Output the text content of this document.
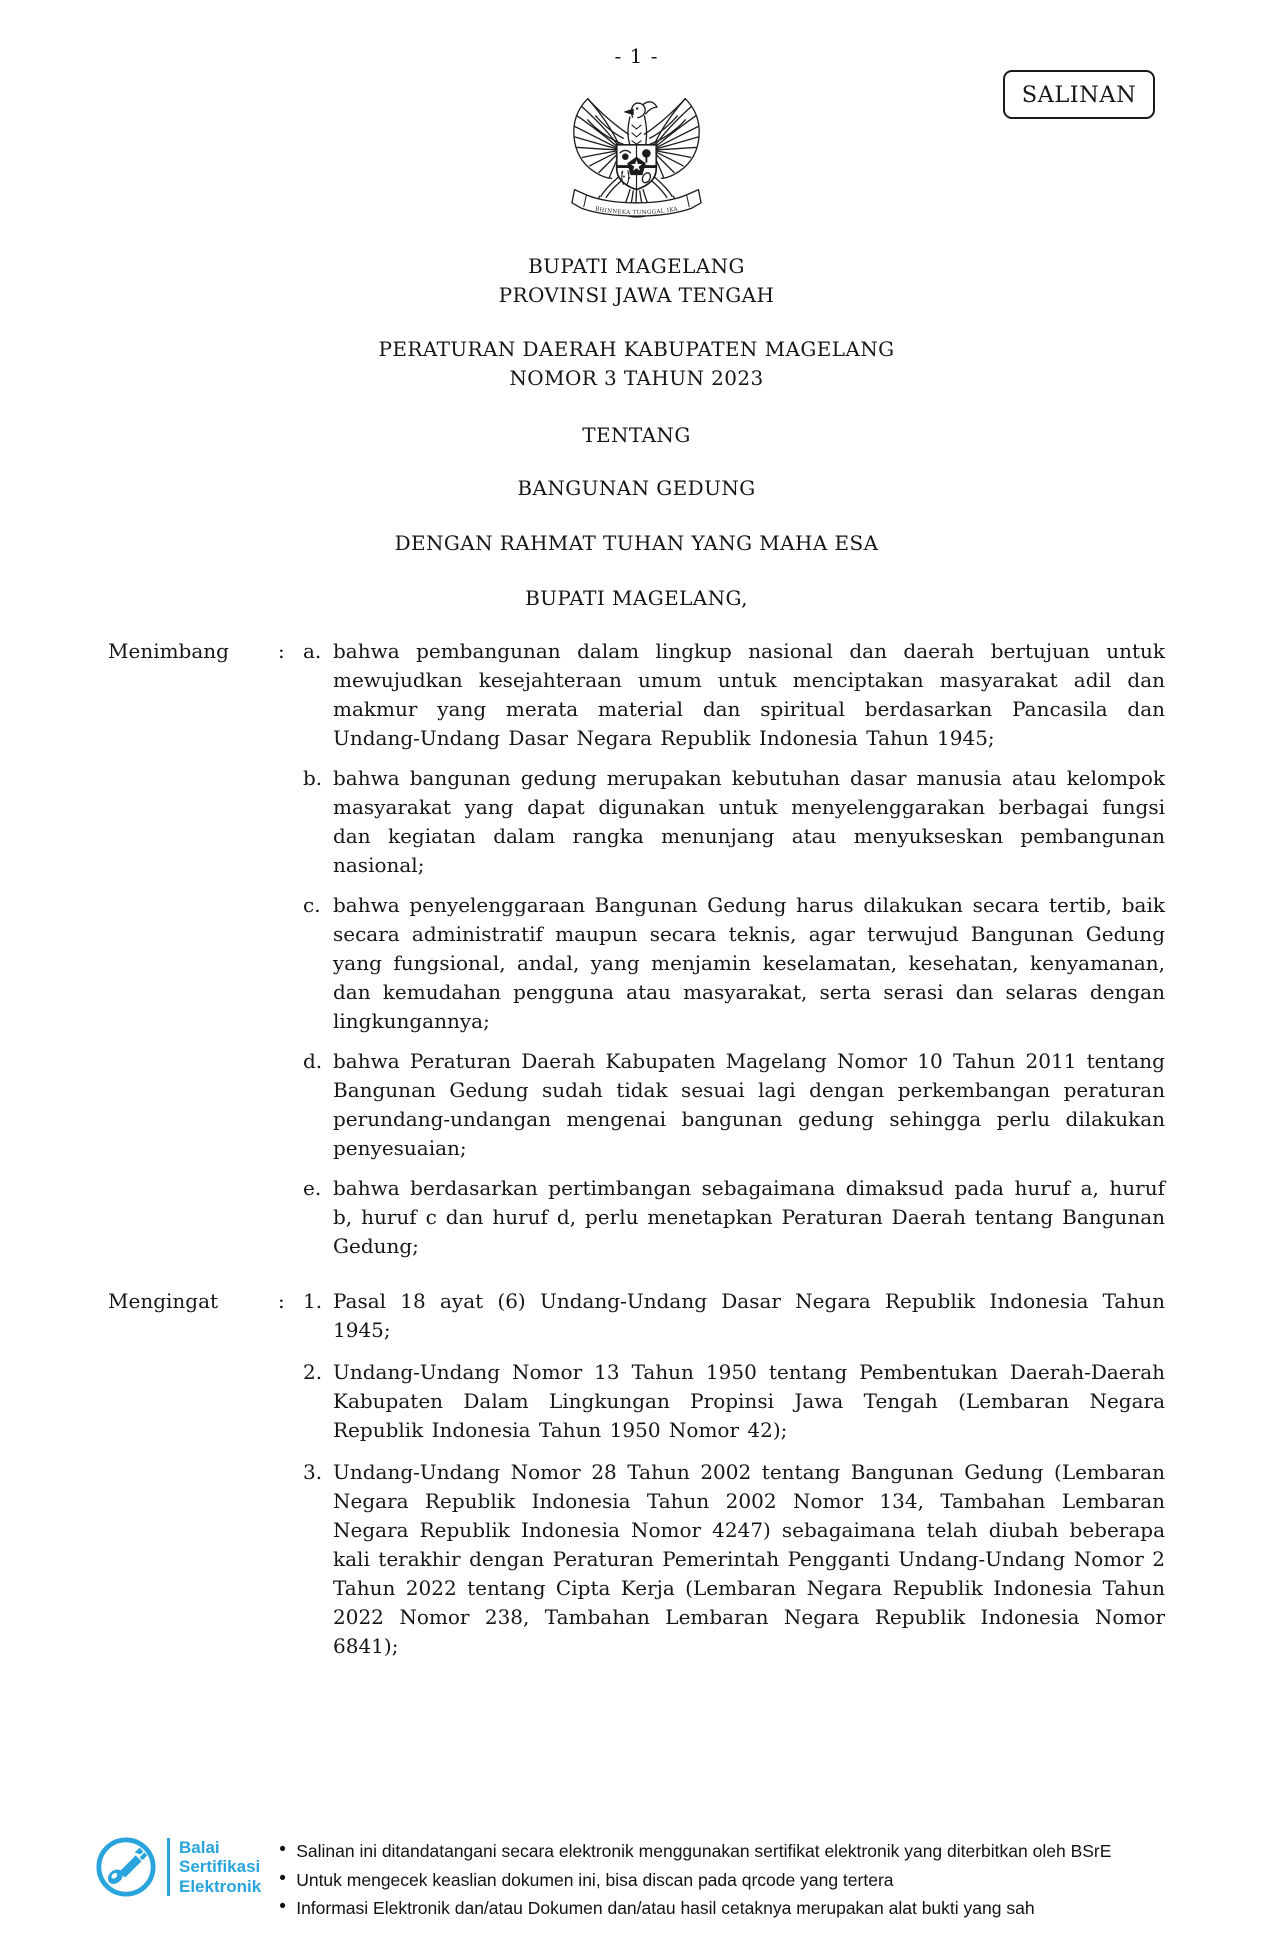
SALINAN
- 1 -
BHINNEKA TUNGGAL IKA
BUPATI MAGELANG
PROVINSI JAWA TENGAH
PERATURAN DAERAH KABUPATEN MAGELANG
NOMOR 3 TAHUN 2023
TENTANG
BANGUNAN GEDUNG
DENGAN RAHMAT TUHAN YANG MAHA ESA
BUPATI MAGELANG,
Menimbang	: a. bahwa pembangunan dalam lingkup nasional dan daerah bertujuan untuk mewujudkan kesejahteraan umum untuk menciptakan masyarakat adil dan makmur yang merata material dan spiritual berdasarkan Pancasila dan Undang-Undang Dasar Negara Republik Indonesia Tahun 1945;

b. bahwa bangunan gedung merupakan kebutuhan dasar manusia atau kelompok masyarakat yang dapat digunakan untuk menyelenggarakan berbagai fungsi dan kegiatan dalam rangka menunjang atau menyukseskan pembangunan nasional;

c. bahwa penyelenggaraan Bangunan Gedung harus dilakukan secara tertib, baik secara administratif maupun secara teknis, agar terwujud Bangunan Gedung yang fungsional, andal, yang menjamin keselamatan, kesehatan, kenyamanan, dan kemudahan pengguna atau masyarakat, serta serasi dan selaras dengan lingkungannya;

d. bahwa Peraturan Daerah Kabupaten Magelang Nomor 10 Tahun 2011 tentang Bangunan Gedung sudah tidak sesuai lagi dengan perkembangan peraturan perundang-undangan mengenai bangunan gedung sehingga perlu dilakukan penyesuaian;

e. bahwa berdasarkan pertimbangan sebagaimana dimaksud pada huruf a, huruf b, huruf c dan huruf d, perlu menetapkan Peraturan Daerah tentang Bangunan Gedung;

Mengingat	: 1. Pasal 18 ayat (6) Undang-Undang Dasar Negara Republik Indonesia Tahun 1945;

2. Undang-Undang Nomor 13 Tahun 1950 tentang Pembentukan Daerah-Daerah Kabupaten Dalam Lingkungan Propinsi Jawa Tengah (Lembaran Negara Republik Indonesia Tahun 1950 Nomor 42);

3. Undang-Undang Nomor 28 Tahun 2002 tentang Bangunan Gedung (Lembaran Negara Republik Indonesia Tahun 2002 Nomor 134, Tambahan Lembaran Negara Republik Indonesia Nomor 4247) sebagaimana telah diubah beberapa kali terakhir dengan Peraturan Pemerintah Pengganti Undang-Undang Nomor 2 Tahun 2022 tentang Cipta Kerja (Lembaran Negara Republik Indonesia Tahun 2022 Nomor 238, Tambahan Lembaran Negara Republik Indonesia Nomor 6841);

Balai
Sertifikasi
Elektronik
• Salinan ini ditandatangani secara elektronik menggunakan sertifikat elektronik yang diterbitkan oleh BSrE
• Untuk mengecek keaslian dokumen ini, bisa discan pada qrcode yang tertera
• Informasi Elektronik dan/atau Dokumen dan/atau hasil cetaknya merupakan alat bukti yang sah
